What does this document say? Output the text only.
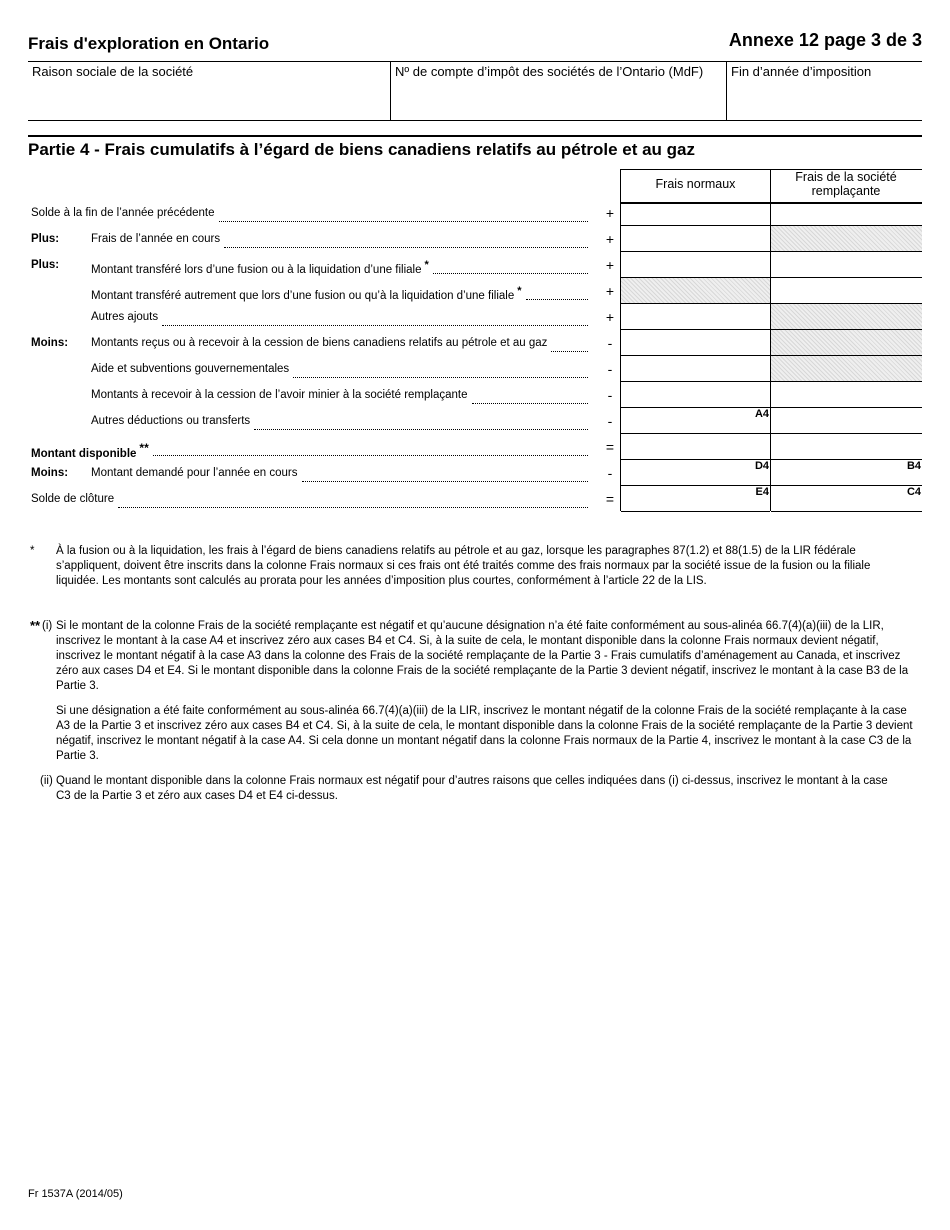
Frais d'exploration en Ontario	Annexe 12 page 3 de 3
Raison sociale de la société	Nº de compte d’impôt des sociétés de l’Ontario (MdF)	Fin d’année d’imposition
Partie 4 - Frais cumulatifs à l’égard de biens canadiens relatifs au pétrole et au gaz
Frais normaux	Frais de la société remplaçante
Solde à la fin de l’année précédente	+
Plus:	Frais de l’année en cours	+
Plus:	Montant transféré lors d’une fusion ou à la liquidation d’une filiale *	+
Montant transféré autrement que lors d’une fusion ou qu’à la liquidation d’une filiale *	+
Autres ajouts	+
Moins: Montants reçus ou à recevoir à la cession de biens canadiens relatifs au pétrole et au gaz	-
Aide et subventions gouvernementales	-
Montants à recevoir à la cession de l’avoir minier à la société remplaçante	-
Autres déductions ou transferts	-	A4
Montant disponible **	=
Moins: Montant demandé pour l’année en cours	-	D4	B4
Solde de clôture	=	E4	C4
* À la fusion ou à la liquidation, les frais à l’égard de biens canadiens relatifs au pétrole et au gaz, lorsque les paragraphes 87(1.2) et 88(1.5) de la LIR fédérale s’appliquent, doivent être inscrits dans la colonne Frais normaux si ces frais ont été traités comme des frais normaux par la société issue de la fusion ou la filiale liquidée. Les montants sont calculés au prorata pour les années d’imposition plus courtes, conformément à l’article 22 de la LIS.
** (i) Si le montant de la colonne Frais de la société remplaçante est négatif et qu’aucune désignation n’a été faite conformément au sous-alinéa 66.7(4)(a)(iii) de la LIR, inscrivez le montant à la case A4 et inscrivez zéro aux cases B4 et C4. Si, à la suite de cela, le montant disponible dans la colonne Frais normaux devient négatif, inscrivez le montant négatif à la case A3 dans la colonne des Frais de la société remplaçante de la Partie 3 - Frais cumulatifs d’aménagement au Canada, et inscrivez zéro aux cases D4 et E4. Si le montant disponible dans la colonne Frais de la société remplaçante de la Partie 3 devient négatif, inscrivez le montant à la case B3 de la Partie 3.
Si une désignation a été faite conformément au sous-alinéa 66.7(4)(a)(iii) de la LIR, inscrivez le montant négatif de la colonne Frais de la société remplaçante à la case A3 de la Partie 3 et inscrivez zéro aux cases B4 et C4. Si, à la suite de cela, le montant disponible dans la colonne Frais de la société remplaçante de la Partie 3 devient négatif, inscrivez le montant négatif à la case A4. Si cela donne un montant négatif dans la colonne Frais normaux de la Partie 4, inscrivez le montant à la case C3 de la Partie 3.
(ii) Quand le montant disponible dans la colonne Frais normaux est négatif pour d’autres raisons que celles indiquées dans (i) ci-dessus, inscrivez le montant à la case C3 de la Partie 3 et zéro aux cases D4 et E4 ci-dessus.
Fr 1537A (2014/05)
